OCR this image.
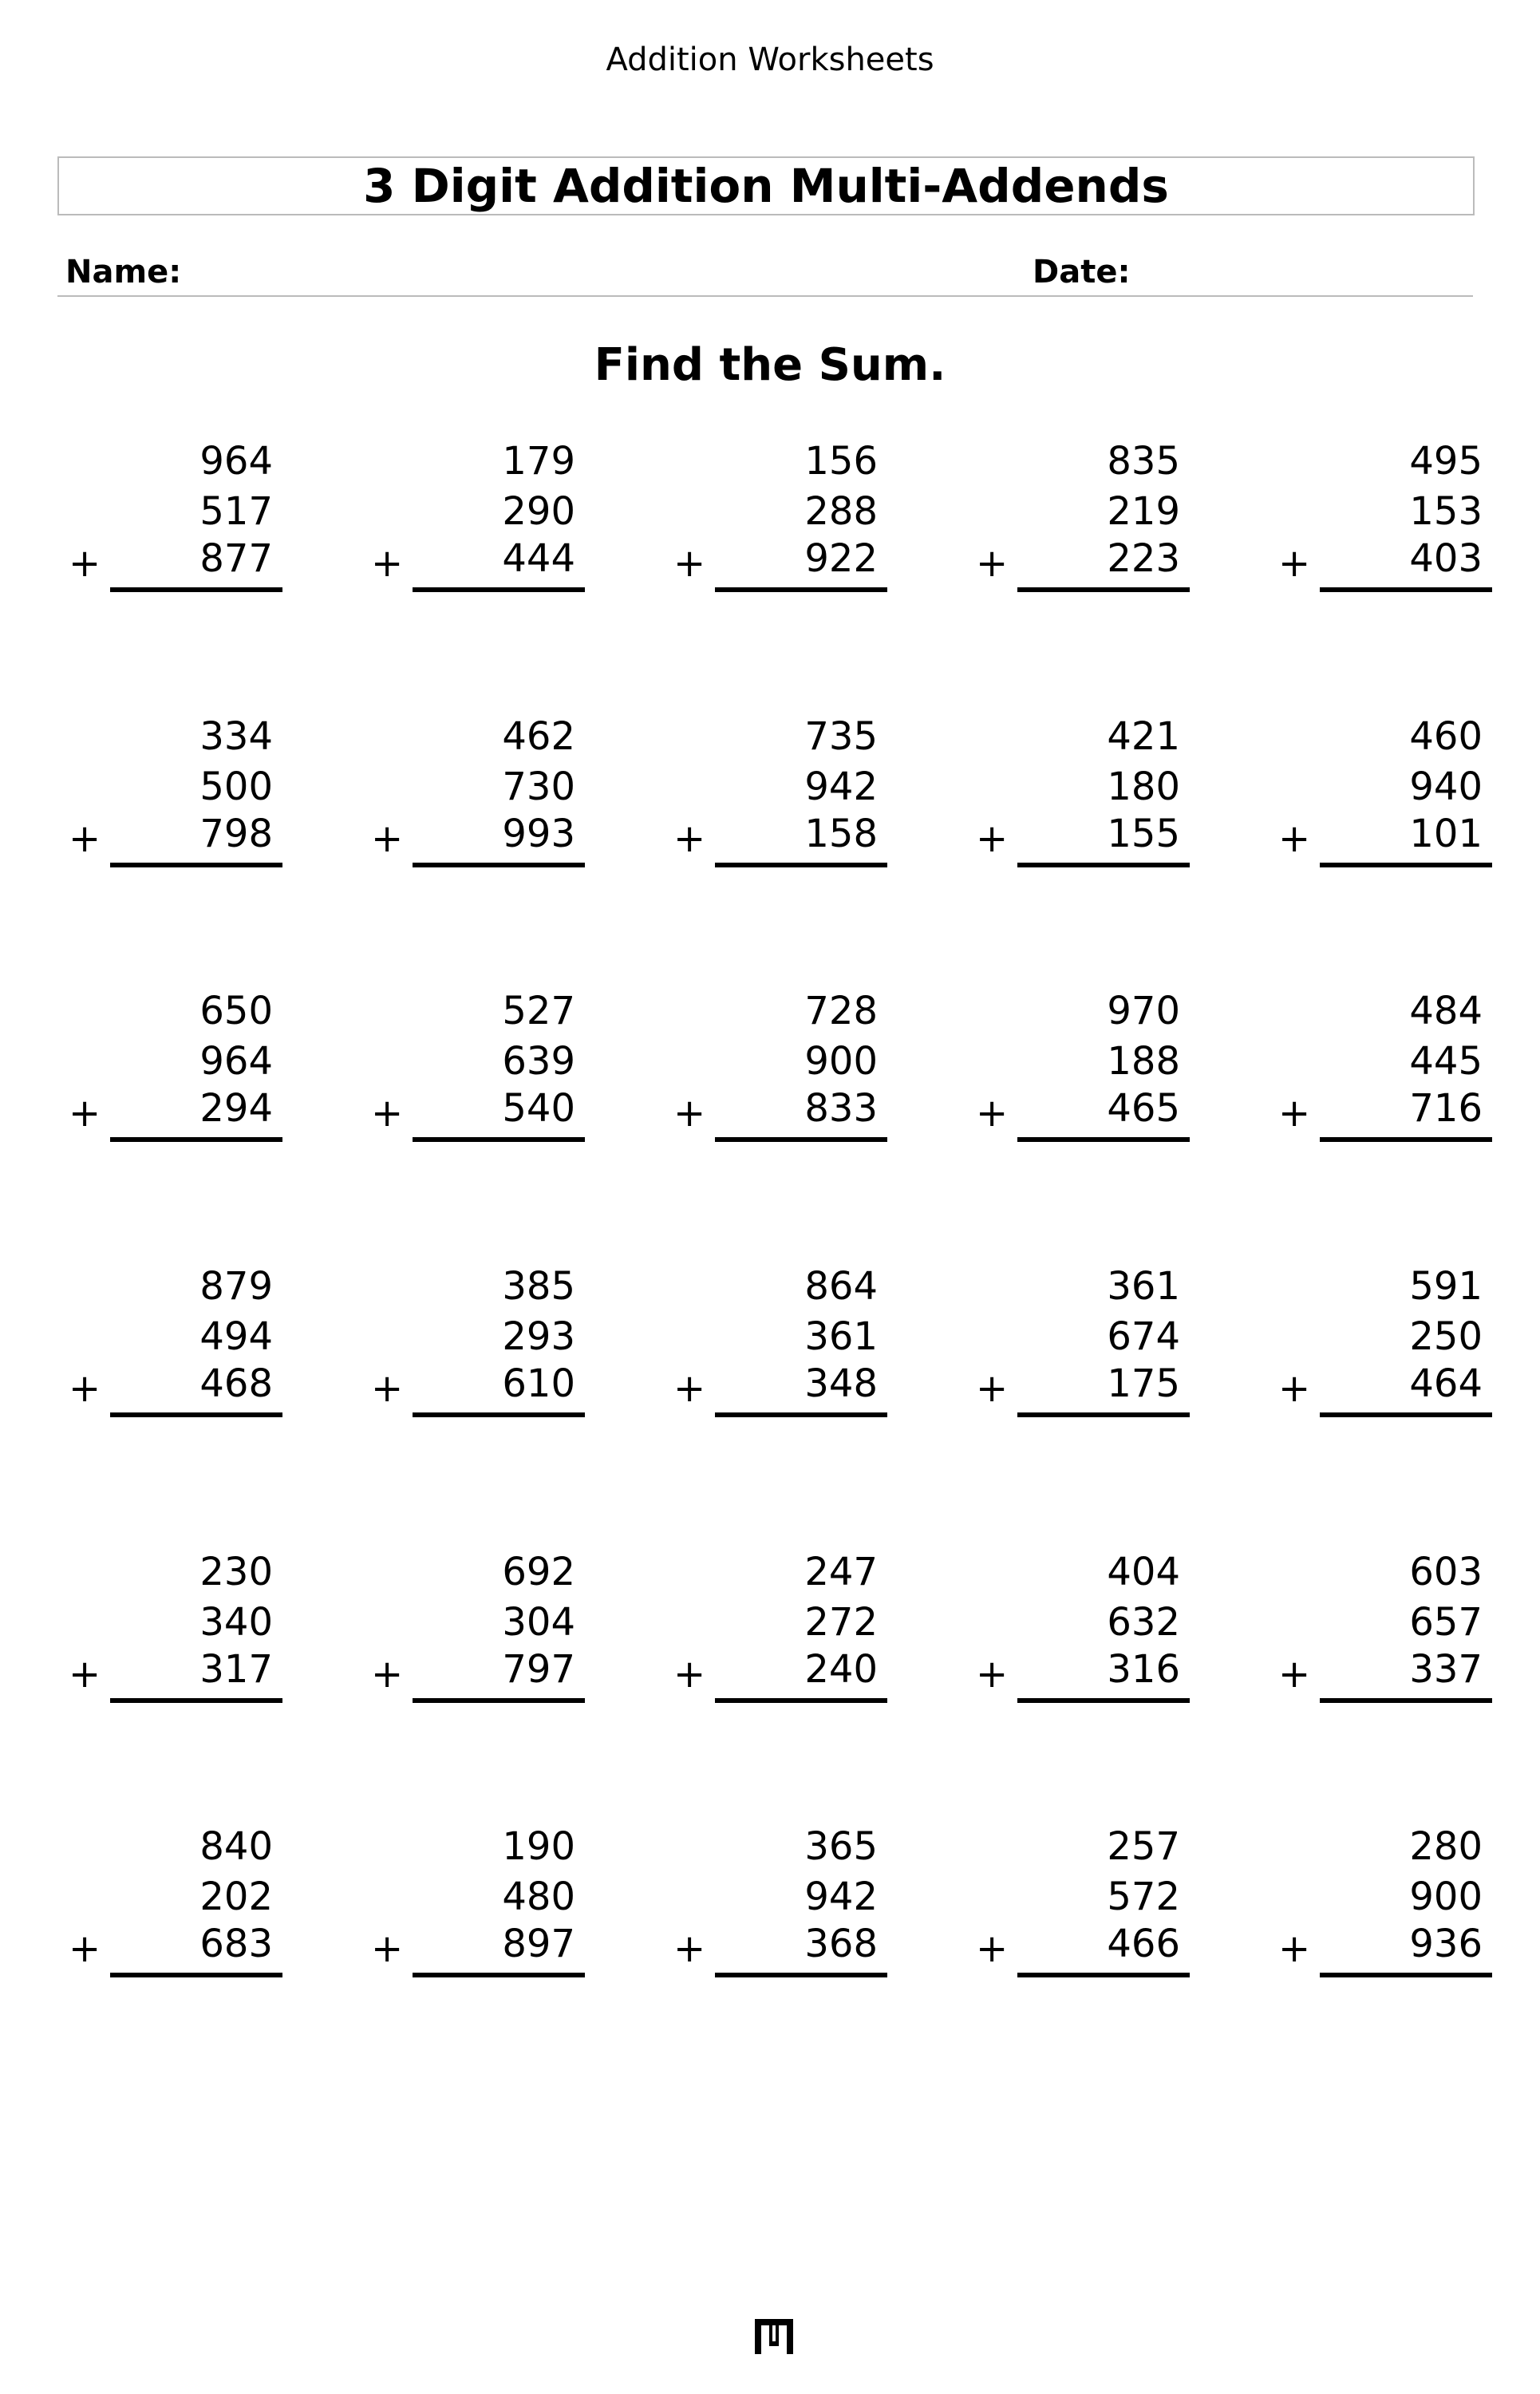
Addition Worksheets
3 Digit Addition Multi-Addends
Name:	Date:
Find the Sum.
964
517
877
+
179
290
444
+
156
288
922
+
835
219
223
+
495
153
403
+
334
500
798
+
462
730
993
+
735
942
158
+
421
180
155
+
460
940
101
+
650
964
294
+
527
639
540
+
728
900
833
+
970
188
465
+
484
445
716
+
879
494
468
+
385
293
610
+
864
361
348
+
361
674
175
+
591
250
464
+
230
340
317
+
692
304
797
+
247
272
240
+
404
632
316
+
603
657
337
+
840
202
683
+
190
480
897
+
365
942
368
+
257
572
466
+
280
900
936
+
